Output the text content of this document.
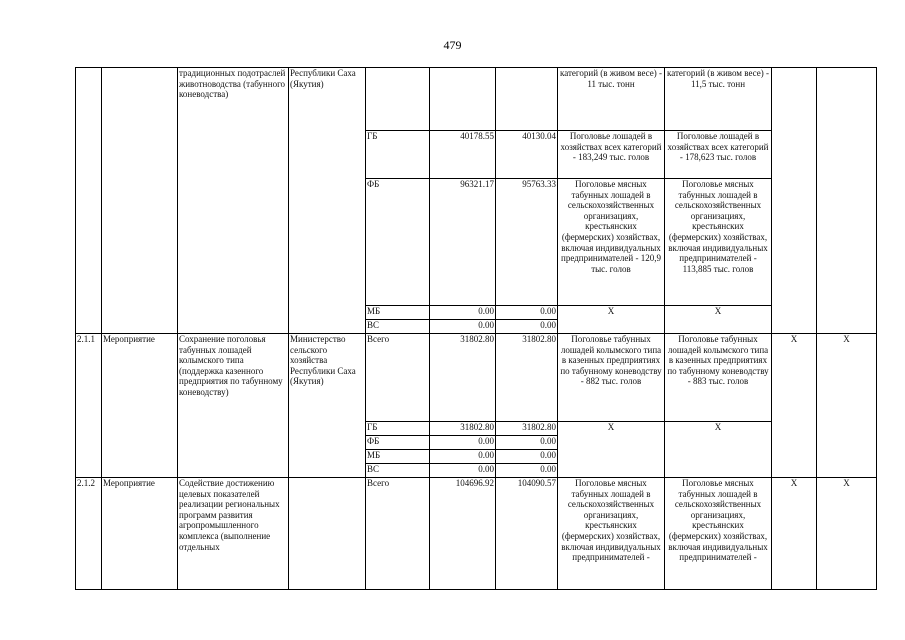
479
		традиционных подотраслей животноводства (табунного коневодства)	Республики Саха (Якутия)				категорий (в живом весе) - 11 тыс. тонн	категорий (в живом весе) - 11,5 тыс. тонн		
				ГБ	40178.55	40130.04	Поголовье лошадей в хозяйствах всех категорий - 183,249 тыс. голов	Поголовье лошадей в хозяйствах всех категорий - 178,623 тыс. голов		
				ФБ	96321.17	95763.33	Поголовье мясных табунных лошадей в сельскохозяйственных организациях, крестьянских (фермерских) хозяйствах, включая индивидуальных предпринимателей - 120,9 тыс. голов	Поголовье мясных табунных лошадей в сельскохозяйственных организациях, крестьянских (фермерских) хозяйствах, включая индивидуальных предпринимателей - 113,885 тыс. голов		
				МБ	0.00	0.00	Х	Х		
				ВС	0.00	0.00				
2.1.1	Мероприятие	Сохранение поголовья табунных лошадей колымского типа (поддержка казенного предприятия по табунному коневодству)	Министерство сельского хозяйства Республики Саха (Якутия)	Всего	31802.80	31802.80	Поголовье табунных лошадей колымского типа в казенных предприятиях по табунному коневодству - 882 тыс. голов	Поголовье табунных лошадей колымского типа в казенных предприятиях по табунному коневодству - 883 тыс. голов	Х	Х
				ГБ	31802.80	31802.80	Х	Х		
				ФБ	0.00	0.00				
				МБ	0.00	0.00				
				ВС	0.00	0.00				
2.1.2	Мероприятие	Содействие достижению целевых показателей реализации региональных программ развития агропромышленного комплекса (выполнение отдельных		Всего	104696.92	104090.57	Поголовье мясных табунных лошадей в сельскохозяйственных организациях, крестьянских (фермерских) хозяйствах, включая индивидуальных предпринимателей -	Поголовье мясных табунных лошадей в сельскохозяйственных организациях, крестьянских (фермерских) хозяйствах, включая индивидуальных предпринимателей -	Х	Х
